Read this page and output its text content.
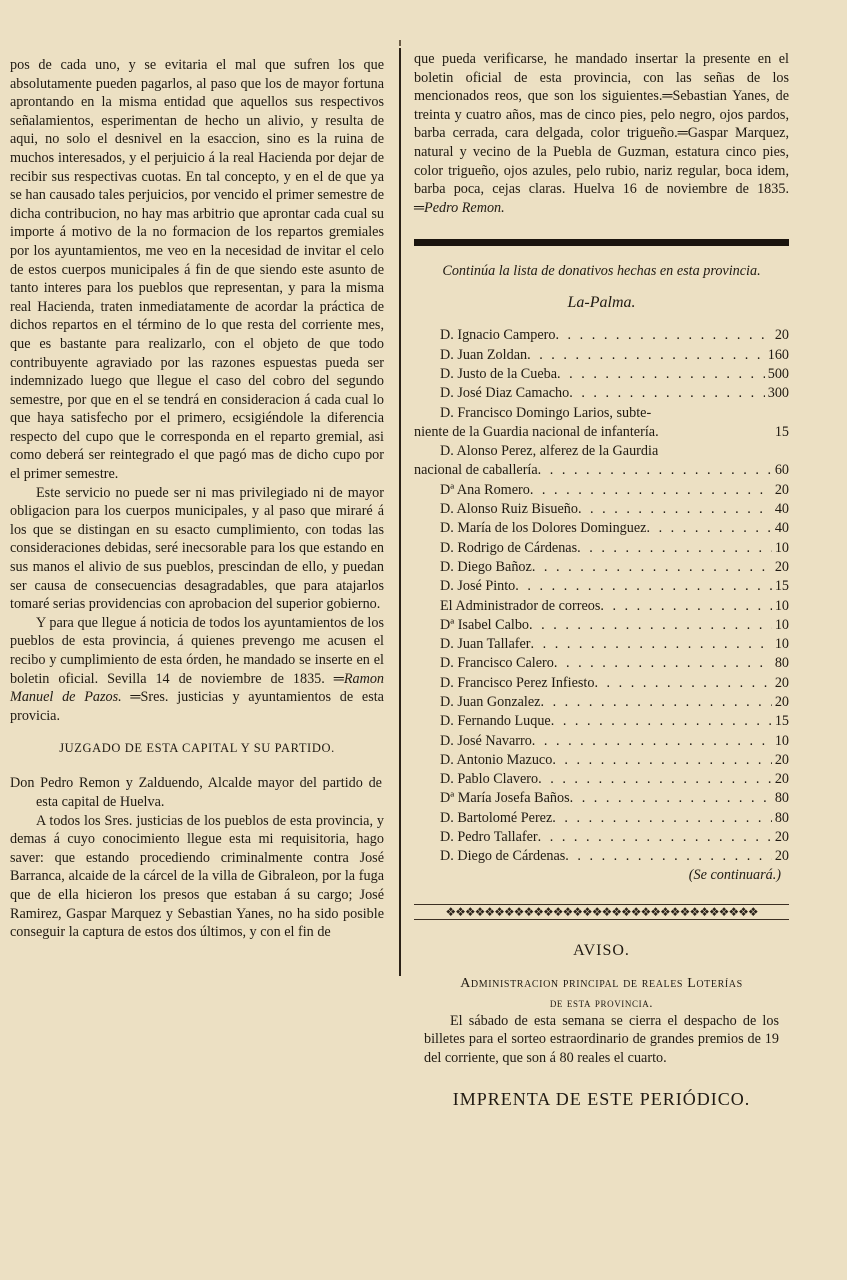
pos de cada uno, y se evitaria el mal que sufren los que absolutamente pueden pagarlos, al paso que los de mayor fortuna aprontando en la misma entidad que aquellos sus respectivos señalamientos, esperimentan de hecho un alivio, y resulta de aqui, no solo el desnivel en la esaccion, sino es la ruina de muchos interesados, y el perjuicio á la real Hacienda por dejar de recibir sus respectivas cuotas. En tal concepto, y en el de que ya se han causado tales perjuicios, por vencido el primer semestre de dicha contribucion, no hay mas arbitrio que aprontar cada cual su importe á motivo de la no formacion de los repartos gremiales por los ayuntamientos, me veo en la necesidad de invitar el celo de estos cuerpos municipales á fin de que siendo este asunto de tanto interes para los pueblos que representan, y para la misma real Hacienda, traten inmediatamente de acordar la práctica de dichos repartos en el término de lo que resta del corriente mes, que es bastante para realizarlo, con el objeto de que todo contribuyente agraviado por las razones espuestas pueda ser indemnizado luego que llegue el caso del cobro del segundo semestre, por que en el se tendrá en consideracion á cada cual lo que haya satisfecho por el primero, ecsigiéndole la diferencia respecto del cupo que le corresponda en el reparto gremial, asi como deberá ser reintegrado el que pagó mas de dicho cupo por el primer semestre.

Este servicio no puede ser ni mas privilegiado ni de mayor obligacion para los cuerpos municipales, y al paso que miraré á los que se distingan en su esacto cumplimiento, con todas las consideraciones debidas, seré inecsorable para los que estando en sus manos el alivio de sus pueblos, prescindan de ello, y puedan ser causa de consecuencias desagradables, que para atajarlos tomaré serias providencias con aprobacion del superior gobierno.

Y para que llegue á noticia de todos los ayuntamientos de los pueblos de esta provincia, á quienes prevengo me acusen el recibo y cumplimiento de esta órden, he mandado se inserte en el boletin oficial. Sevilla 14 de noviembre de 1835. ═Ramon Manuel de Pazos. ═Sres. justicias y ayuntamientos de esta provicia.

JUZGADO DE ESTA CAPITAL Y SU PARTIDO.

Don Pedro Remon y Zalduendo, Alcalde mayor del partido de esta capital de Huelva.

A todos los Sres. justicias de los pueblos de esta provincia, y demas á cuyo conocimiento llegue esta mi requisitoria, hago saver: que estando procediendo criminalmente contra José Barranca, alcaide de la cárcel de la villa de Gibraleon, por la fuga que de ella hicieron los presos que estaban á su cargo; José Ramirez, Gaspar Marquez y Sebastian Yanes, no ha sido posible conseguir la captura de estos dos últimos, y con el fin de

que pueda verificarse, he mandado insertar la presente en el boletin oficial de esta provincia, con las señas de los mencionados reos, que son los siguientes.═Sebastian Yanes, de treinta y cuatro años, mas de cinco pies, pelo negro, ojos pardos, barba cerrada, cara delgada, color trigueño.═Gaspar Marquez, natural y vecino de la Puebla de Guzman, estatura cinco pies, color trigueño, ojos azules, pelo rubio, nariz regular, boca idem, barba poca, cejas claras. Huelva 16 de noviembre de 1835. ═Pedro Remon.

Continúa la lista de donativos hechas en esta provincia.

La-Palma.

D. Ignacio Campero . . .	20
D. Juan Zoldan . . .	160
D. Justo de la Cueba . . .	500
D. José Diaz Camacho . . .	300
D. Francisco Domingo Larios, subte-
niente de la Guardia nacional de infantería.	15
D. Alonso Perez, alferez de la Gaurdia
nacional de caballería . . .	60
Dª Ana Romero . . .	20
D. Alonso Ruiz Bisueño . . .	40
D. María de los Dolores Dominguez . . .	40
D. Rodrigo de Cárdenas . . .	10
D. Diego Bañoz . . .	20
D. José Pinto . . .	15
El Administrador de correos . . .	10
Dª Isabel Calbo . . .	10
D. Juan Tallafer . . .	10
D. Francisco Calero . . .	80
D. Francisco Perez Infiesto . . .	20
D. Juan Gonzalez . . .	20
D. Fernando Luque . . .	15
D. José Navarro . . .	10
D. Antonio Mazuco . . .	20
D. Pablo Clavero . . .	20
Dª María Josefa Baños . . .	80
D. Bartolomé Perez . . .	80
D. Pedro Tallafer . . .	20
D. Diego de Cárdenas . . .	20

(Se continuará.)

❖❖❖❖❖❖❖❖❖❖❖❖❖❖❖❖❖❖❖❖❖❖❖❖❖❖❖❖❖❖❖❖

AVISO.

Administracion principal de reales Loterías

de esta provincia.

El sábado de esta semana se cierra el despacho de los billetes para el sorteo estraordinario de grandes premios de 19 del corriente, que son á 80 reales el cuarto.

IMPRENTA DE ESTE PERIÓDICO.
